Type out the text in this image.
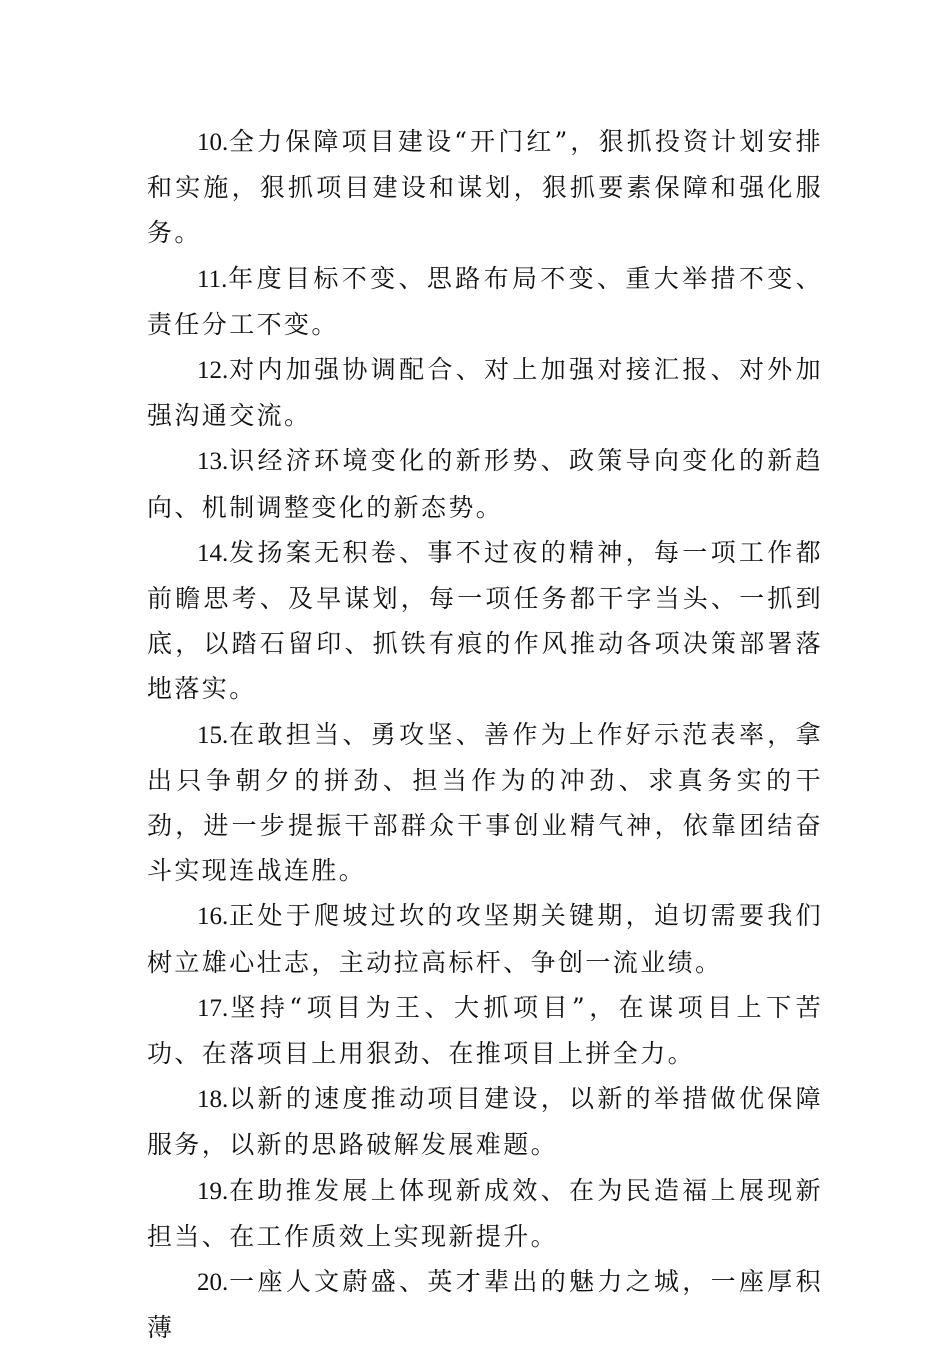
10.全力保障项目建设“开门红”，狠抓投资计划安排和实施，狠抓项目建设和谋划，狠抓要素保障和强化服务。

11.年度目标不变、思路布局不变、重大举措不变、责任分工不变。

12.对内加强协调配合、对上加强对接汇报、对外加强沟通交流。

13.识经济环境变化的新形势、政策导向变化的新趋向、机制调整变化的新态势。

14.发扬案无积卷、事不过夜的精神，每一项工作都前瞻思考、及早谋划，每一项任务都干字当头、一抓到底，以踏石留印、抓铁有痕的作风推动各项决策部署落地落实。

15.在敢担当、勇攻坚、善作为上作好示范表率，拿出只争朝夕的拼劲、担当作为的冲劲、求真务实的干劲，进一步提振干部群众干事创业精气神，依靠团结奋斗实现连战连胜。

16.正处于爬坡过坎的攻坚期关键期，迫切需要我们树立雄心壮志，主动拉高标杆、争创一流业绩。

17.坚持“项目为王、大抓项目”，在谋项目上下苦功、在落项目上用狠劲、在推项目上拼全力。

18.以新的速度推动项目建设，以新的举措做优保障服务，以新的思路破解发展难题。

19.在助推发展上体现新成效、在为民造福上展现新担当、在工作质效上实现新提升。

20.一座人文蔚盛、英才辈出的魅力之城，一座厚积薄
